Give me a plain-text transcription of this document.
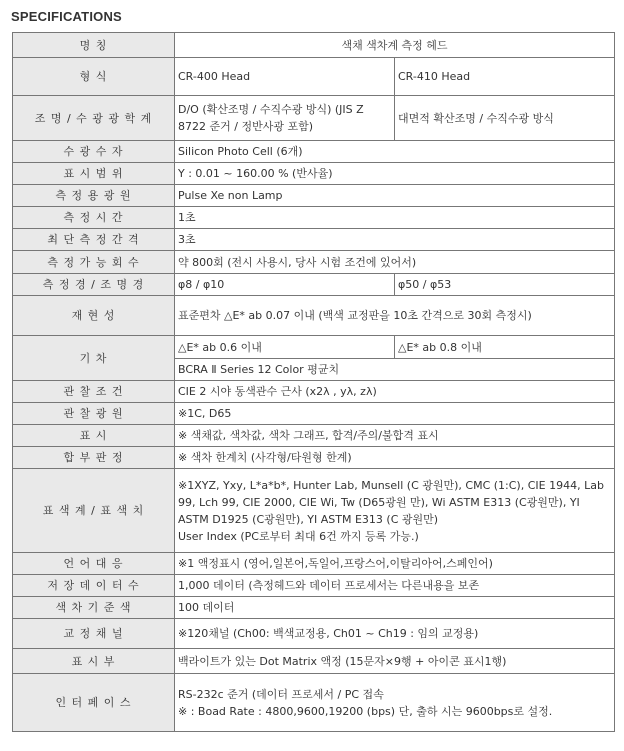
SPECIFICATIONS
명 칭	색채 색차계 측정 헤드	
형 식	CR-400 Head	CR-410 Head
조 명 / 수 광 광 학 계	D/O (확산조명 / 수직수광 방식) (JIS Z 8722 준거 / 정반사광 포함)	대면적 확산조명 / 수직수광 방식
수 광 수 자	Silicon Photo Cell (6개)	
표 시 범 위	Y : 0.01 ~ 160.00 % (반사율)	
측 정 용 광 원	Pulse Xe non Lamp	
측 정 시 간	1초	
최 단 측 정 간 격	3초	
측 정 가 능 회 수	약 800회 (전시 사용시, 당사 시험 조건에 있어서)	
측 정 경 / 조 명 경	φ8 / φ10	φ50 / φ53
재 현 성	표준편차 △E* ab 0.07 이내 (백색 교정판을 10초 간격으로 30회 측정시)	
기 차	△E* ab 0.6 이내	△E* ab 0.8 이내
	BCRA Ⅱ Series 12 Color 평균치	
관 찰 조 건	CIE 2 시야 동색관수 근사 (x2λ , yλ, zλ)	
관 찰 광 원	※1C, D65	
표 시	※ 색채값, 색차값, 색차 그래프, 합격/주의/불합격 표시	
합 부 판 정	※ 색차 한계치 (사각형/타원형 한계)	
표 색 계 / 표 색 치	※1XYZ, Yxy, L*a*b*, Hunter Lab, Munsell (C 광원만), CMC (1:C), CIE 1944, Lab 99, Lch 99, CIE 2000, CIE Wi, Tw (D65광원 만), Wi ASTM E313 (C광원만), YI ASTM D1925 (C광원만), YI ASTM E313 (C 광원만)
User Index (PC로부터 최대 6건 까지 등록 가능.)	

언 어 대 응	※1 액정표시 (영어,일본어,독일어,프랑스어,이탈리아어,스페인어)	
저 장 데 이 터 수	1,000 데이터 (측정헤드와 데이터 프로세서는 다른내용을 보존	
색 차 기 준 색	100 데이터	
교 정 채 널	※120채널 (Ch00: 백색교정용, Ch01 ~ Ch19 : 임의 교정용)	
표 시 부	백라이트가 있는 Dot Matrix 액정 (15문자×9행 + 아이콘 표시1행)	
인 터 페 이 스	RS-232c 준거 (데이터 프로세서 / PC 접속
※ : Boad Rate : 4800,9600,19200 (bps) 단, 출하 시는 9600bps로 설정.	
